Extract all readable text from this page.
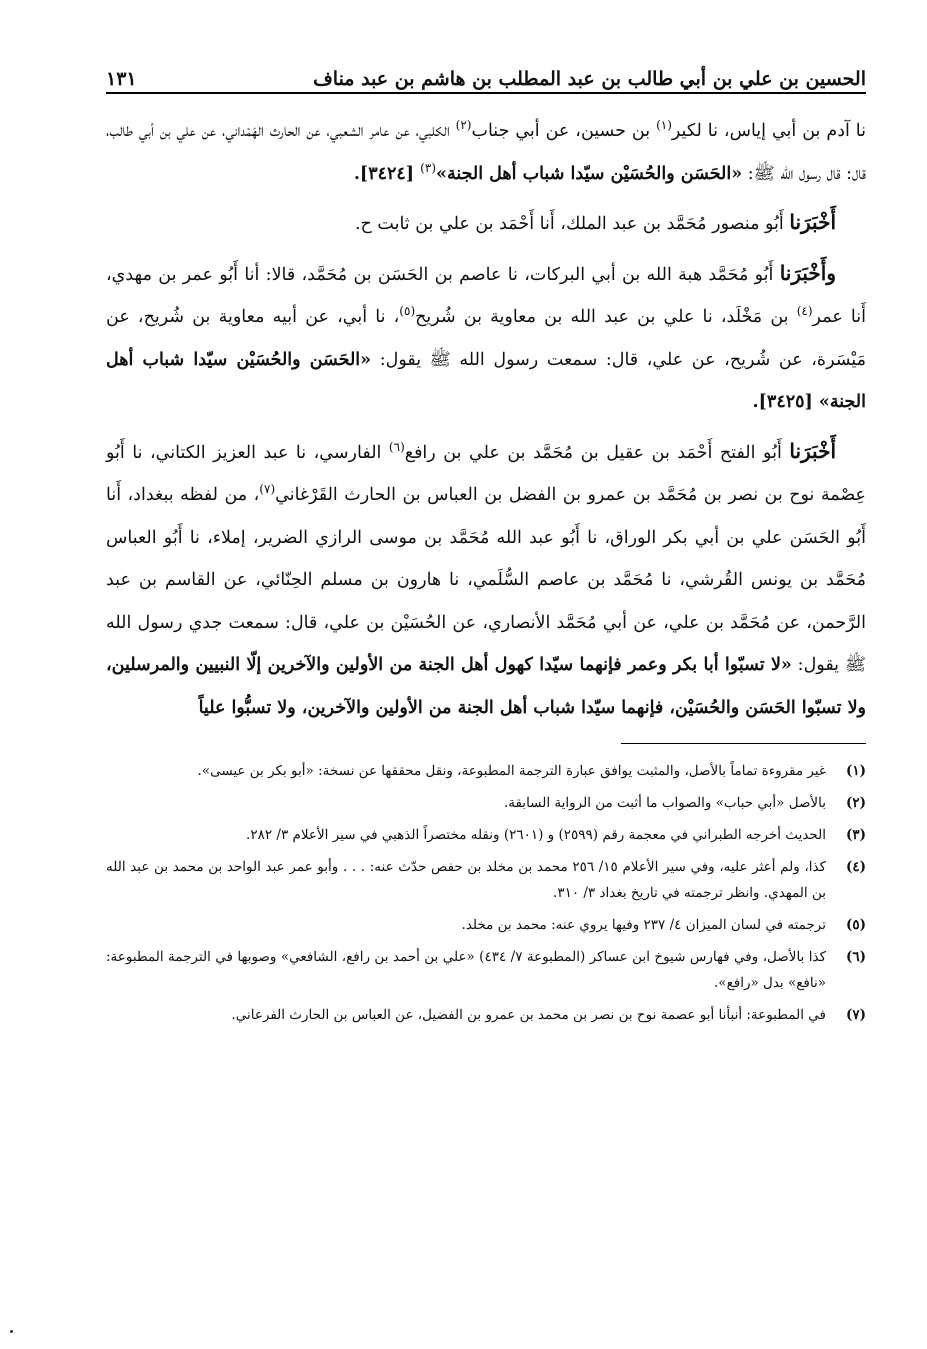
الحسين بن علي بن أبي طالب بن عبد المطلب بن هاشم بن عبد مناف
١٣١

نا آدم بن أبي إياس، نا لكير$^{(١)}$ بن حسين، عن أبي جناب$^{(٢)}$ الكلبي، عن عامر الشعبي، عن الحارث الهَمْداني، عن علي بن أبي طالب، قال: قال رسول الله ﷺ: «الحَسَن والحُسَيْن سيّدا شباب أهل الجنة»$^{(٣)}$ [٣٤٢٤].

أَخْبَرَنا أَبُو منصور مُحَمَّد بن عبد الملك، أَنا أَحْمَد بن علي بن ثابت ح.

وأَخْبَرَنا أَبُو مُحَمَّد هبة الله بن أبي البركات، نا عاصم بن الحَسَن بن مُحَمَّد، قالا: أنا أَبُو عمر بن مهدي، أَنا عمر$^{(٤)}$ بن مَخْلَد، نا علي بن عبد الله بن معاوية بن شُريح$^{(٥)}$، نا أبي، عن أبيه معاوية بن شُريح، عن مَيْسَرة، عن شُريح، عن علي، قال: سمعت رسول الله ﷺ يقول: «الحَسَن والحُسَيْن سيّدا شباب أهل الجنة» [٣٤٢٥].

أَخْبَرَنا أَبُو الفتح أَحْمَد بن عقيل بن مُحَمَّد بن علي بن رافع$^{(٦)}$ الفارسي، نا عبد العزيز الكتاني، نا أَبُو عِصْمة نوح بن نصر بن مُحَمَّد بن عمرو بن الفضل بن العباس بن الحارث القَرْغاني$^{(٧)}$، من لفظه ببغداد، أَنا أَبُو الحَسَن علي بن أبي بكر الوراق، نا أَبُو عبد الله مُحَمَّد بن موسى الرازي الضرير، إملاء، نا أَبُو العباس مُحَمَّد بن يونس القُرشي، نا مُحَمَّد بن عاصم السُّلَمي، نا هارون بن مسلم الحِنّائي، عن القاسم بن عبد الرَّحمن، عن مُحَمَّد بن علي، عن أبي مُحَمَّد الأنصاري، عن الحُسَيْن بن علي، قال: سمعت جدي رسول الله ﷺ يقول: «لا تسبّوا أبا بكر وعمر فإنهما سيّدا كهول أهل الجنة من الأولين والآخرين إلّا النبيين والمرسلين، ولا تسبّوا الحَسَن والحُسَيْن، فإنهما سيّدا شباب أهل الجنة من الأولين والآخرين، ولا تسبُّوا علياً

(١)
غير مقروءة تماماً بالأصل، والمثبت يوافق عبارة الترجمة المطبوعة، ونقل محققها عن نسخة: «أبو بكر بن عيسى».
(٢)
بالأصل «أبي حباب» والصواب ما أثبت من الرواية السابقة.
(٣)
الحديث أخرجه الطبراني في معجمة رقم (٢٥٩٩) و (٢٦٠١) ونقله مختصراً الذهبي في سير الأعلام ٣/ ٢٨٢.
(٤)
كذا، ولم أعثر عليه، وفي سير الأعلام ١٥/ ٢٥٦ محمد بن مخلد بن حفص حدّث عنه: . . . وأبو عمر عبد الواحد بن محمد بن عبد الله بن المهدي. وانظر ترجمته في تاريخ بغداد ٣/ ٣١٠.
(٥)
ترجمته في لسان الميزان ٤/ ٢٣٧ وفيها يروي عنه: محمد بن مخلد.
(٦)
كذا بالأصل، وفي فهارس شيوخ ابن عساكر (المطبوعة ٧/ ٤٣٤) «علي بن أحمد بن رافع، الشافعي» وصوبها في الترجمة المطبوعة: «نافع» بدل «رافع».
(٧)
في المطبوعة: أنبأنا أبو عصمة نوح بن نصر بن محمد بن عمرو بن الفضيل، عن العباس بن الحارث الفرعاني.
